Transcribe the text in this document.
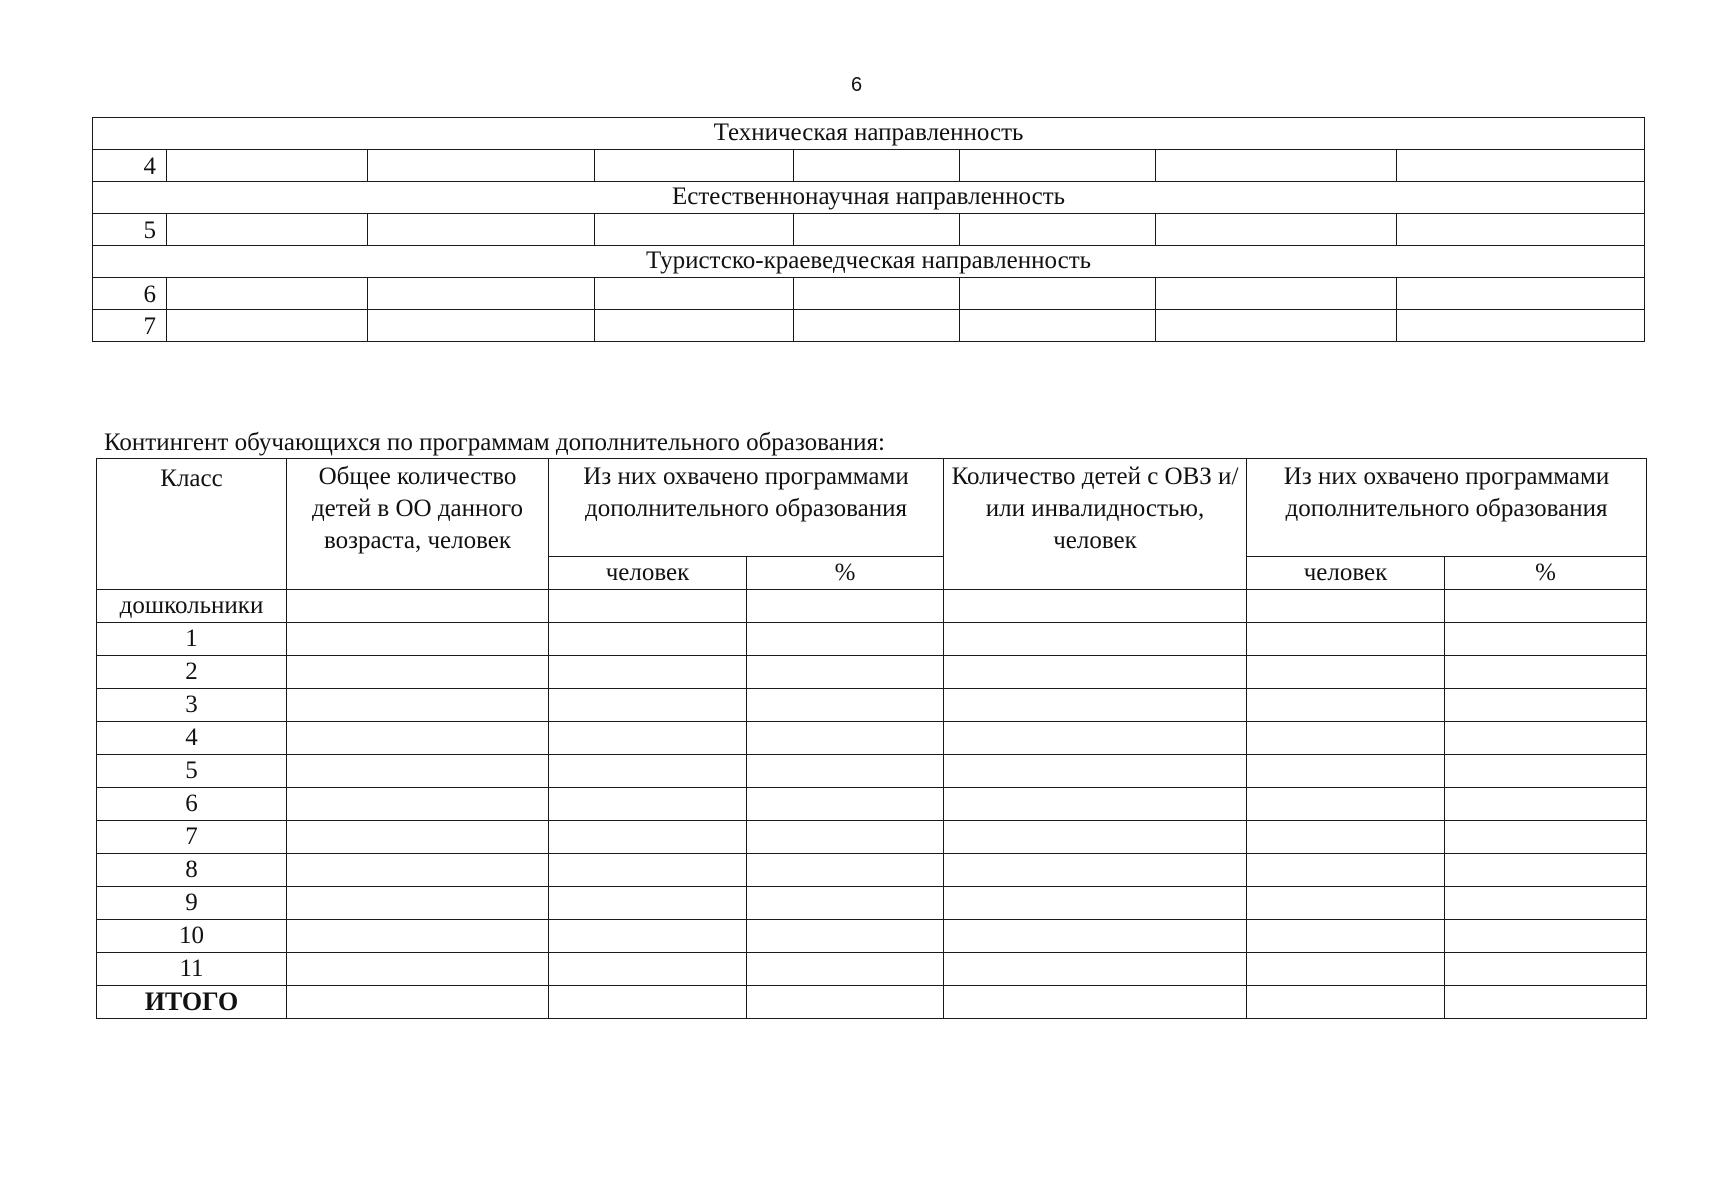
6
Техническая направленность							
4							
Естественнонаучная направленность							
5							
Туристско-краеведческая направленность							
6							
7							
Контингент обучающихся по программам дополнительного образования:
Класс	Общее количество детей в ОО данного возраста, человек	Из них охвачено программами дополнительного образования		Количество детей с ОВЗ и/или инвалидностью, человек	Из них охвачено программами дополнительного образования	
		человек	%		человек	%
дошкольники						
1						
2						
3						
4						
5						
6						
7						
8						
9						
10						
11						
ИТОГО						
